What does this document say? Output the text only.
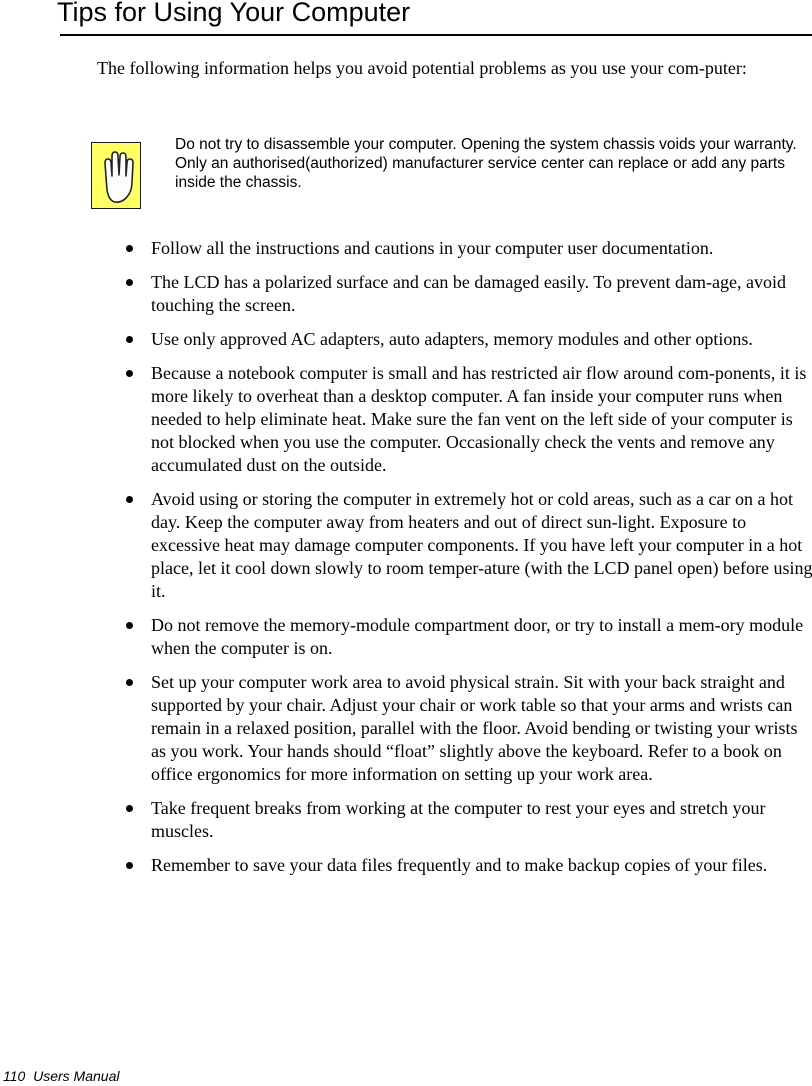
Tips for Using Your Computer

The following information helps you avoid potential problems as you use your com-puter:

Do not try to disassemble your computer. Opening the system chassis voids your warranty. Only an authorised(authorized) manufacturer service center can replace or add any parts inside the chassis.

Follow all the instructions and cautions in your computer user documentation.
The LCD has a polarized surface and can be damaged easily. To prevent dam-age, avoid touching the screen.
Use only approved AC adapters, auto adapters, memory modules and other options.
Because a notebook computer is small and has restricted air flow around com-ponents, it is more likely to overheat than a desktop computer. A fan inside your computer runs when needed to help eliminate heat. Make sure the fan vent on the left side of your computer is not blocked when you use the computer. Occasionally check the vents and remove any accumulated dust on the outside.
Avoid using or storing the computer in extremely hot or cold areas, such as a car on a hot day. Keep the computer away from heaters and out of direct sun-light. Exposure to excessive heat may damage computer components. If you have left your computer in a hot place, let it cool down slowly to room temper-ature (with the LCD panel open) before using it.
Do not remove the memory-module compartment door, or try to install a mem-ory module when the computer is on.
Set up your computer work area to avoid physical strain. Sit with your back straight and supported by your chair. Adjust your chair or work table so that your arms and wrists can remain in a relaxed position, parallel with the floor. Avoid bending or twisting your wrists as you work. Your hands should “float” slightly above the keyboard. Refer to a book on office ergonomics for more information on setting up your work area.
Take frequent breaks from working at the computer to rest your eyes and stretch your muscles.
Remember to save your data files frequently and to make backup copies of your files.

110 Users Manual
